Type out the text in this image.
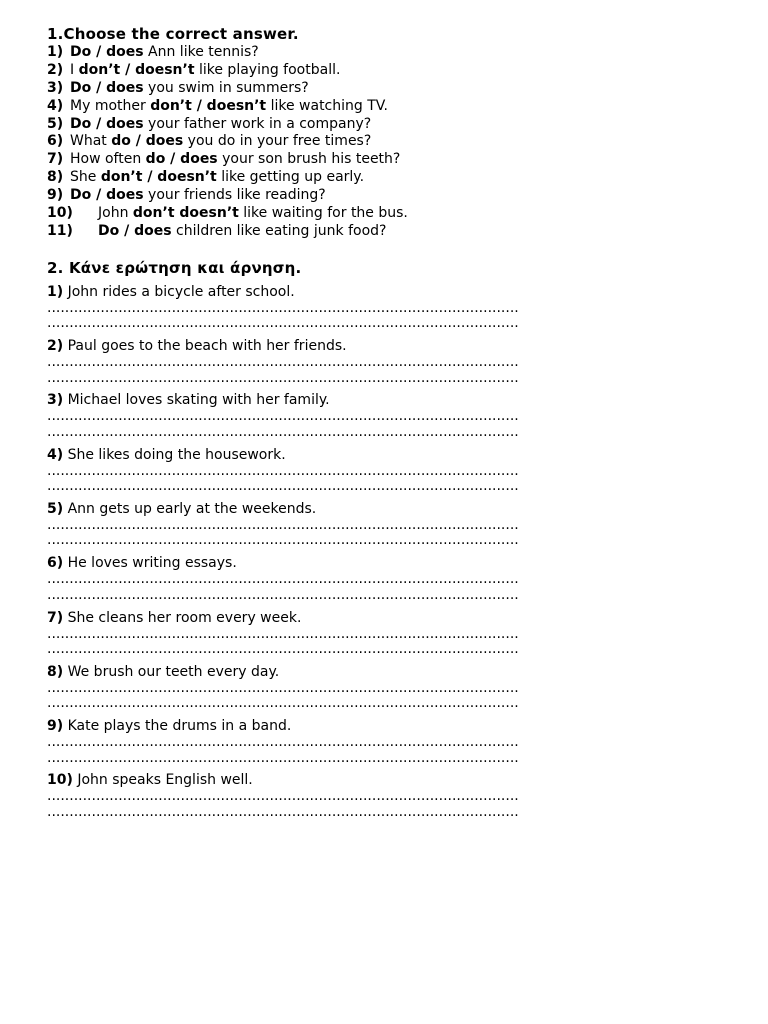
1.Choose the correct answer.
1) Do / does Ann like tennis?
2) I don’t / doesn’t like playing football.
3) Do / does you swim in summers?
4) My mother don’t / doesn’t like watching TV.
5) Do / does your father work in a company?
6) What do / does you do in your free times?
7) How often do / does your son brush his teeth?
8) She don’t / doesn’t like getting up early.
9) Do / does your friends like reading?
10) John don’t doesn’t like waiting for the bus.
11) Do / does children like eating junk food?
2. Κάνε ερώτηση και άρνηση.
1) John rides a bicycle after school.
..........................................................................................................
..........................................................................................................
2) Paul goes to the beach with her friends.
..........................................................................................................
..........................................................................................................
3) Michael loves skating with her family.
..........................................................................................................
..........................................................................................................
4) She likes doing the housework.
..........................................................................................................
..........................................................................................................
5) Ann gets up early at the weekends.
..........................................................................................................
..........................................................................................................
6) He loves writing essays.
..........................................................................................................
..........................................................................................................
7) She cleans her room every week.
..........................................................................................................
..........................................................................................................
8) We brush our teeth every day.
..........................................................................................................
..........................................................................................................
9) Kate plays the drums in a band.
..........................................................................................................
..........................................................................................................
10) John speaks English well.
..........................................................................................................
..........................................................................................................
